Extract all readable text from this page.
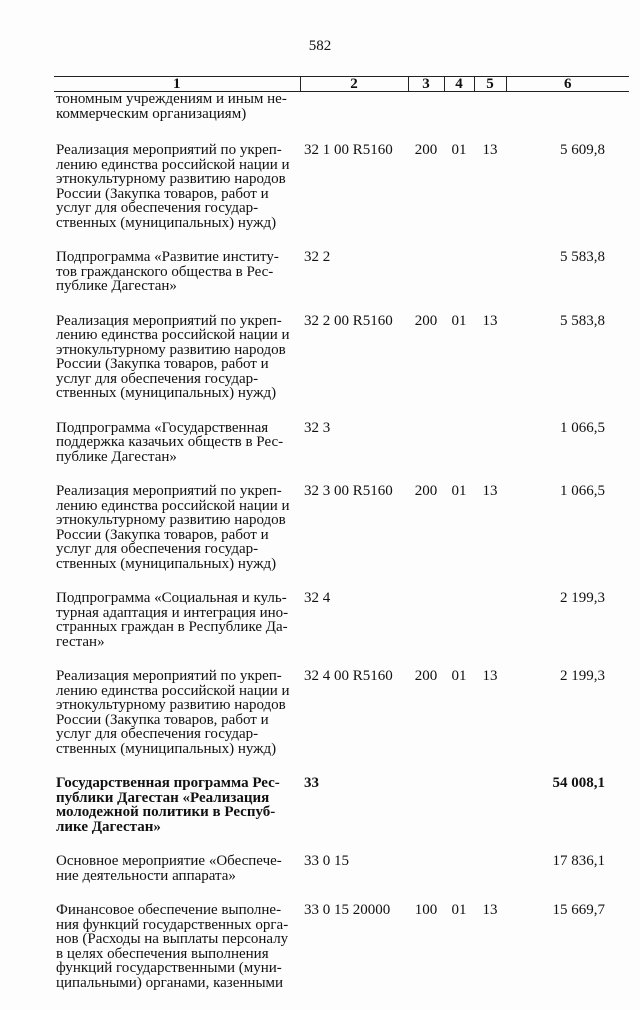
582
1	2	3	4	5	6
тономным учреждениям и иным не-коммерческим организациям)					
Реализация мероприятий по укреп-лению единства российской нации и этнокультурному развитию народов России (Закупка товаров, работ и услуг для обеспечения государ-ственных (муниципальных) нужд)	32 1 00 R5160	200	01	13	5 609,8
Подпрограмма «Развитие институ-тов гражданского общества в Рес-публике Дагестан»	32 2				5 583,8
Реализация мероприятий по укреп-лению единства российской нации и этнокультурному развитию народов России (Закупка товаров, работ и услуг для обеспечения государ-ственных (муниципальных) нужд)	32 2 00 R5160	200	01	13	5 583,8
Подпрограмма «Государственная поддержка казачьих обществ в Рес-публике Дагестан»	32 3				1 066,5
Реализация мероприятий по укреп-лению единства российской нации и этнокультурному развитию народов России (Закупка товаров, работ и услуг для обеспечения государ-ственных (муниципальных) нужд)	32 3 00 R5160	200	01	13	1 066,5
Подпрограмма «Социальная и куль-турная адаптация и интеграция ино-странных граждан в Республике Да-гестан»	32 4				2 199,3
Реализация мероприятий по укреп-лению единства российской нации и этнокультурному развитию народов России (Закупка товаров, работ и услуг для обеспечения государ-ственных (муниципальных) нужд)	32 4 00 R5160	200	01	13	2 199,3
Государственная программа Рес-публики Дагестан «Реализация молодежной политики в Респуб-лике Дагестан»	33				54 008,1
Основное мероприятие «Обеспече-ние деятельности аппарата»	33 0 15				17 836,1
Финансовое обеспечение выполне-ния функций государственных орга-нов (Расходы на выплаты персоналу в целях обеспечения выполнения функций государственными (муни-ципальными) органами, казенными	33 0 15 20000	100	01	13	15 669,7
